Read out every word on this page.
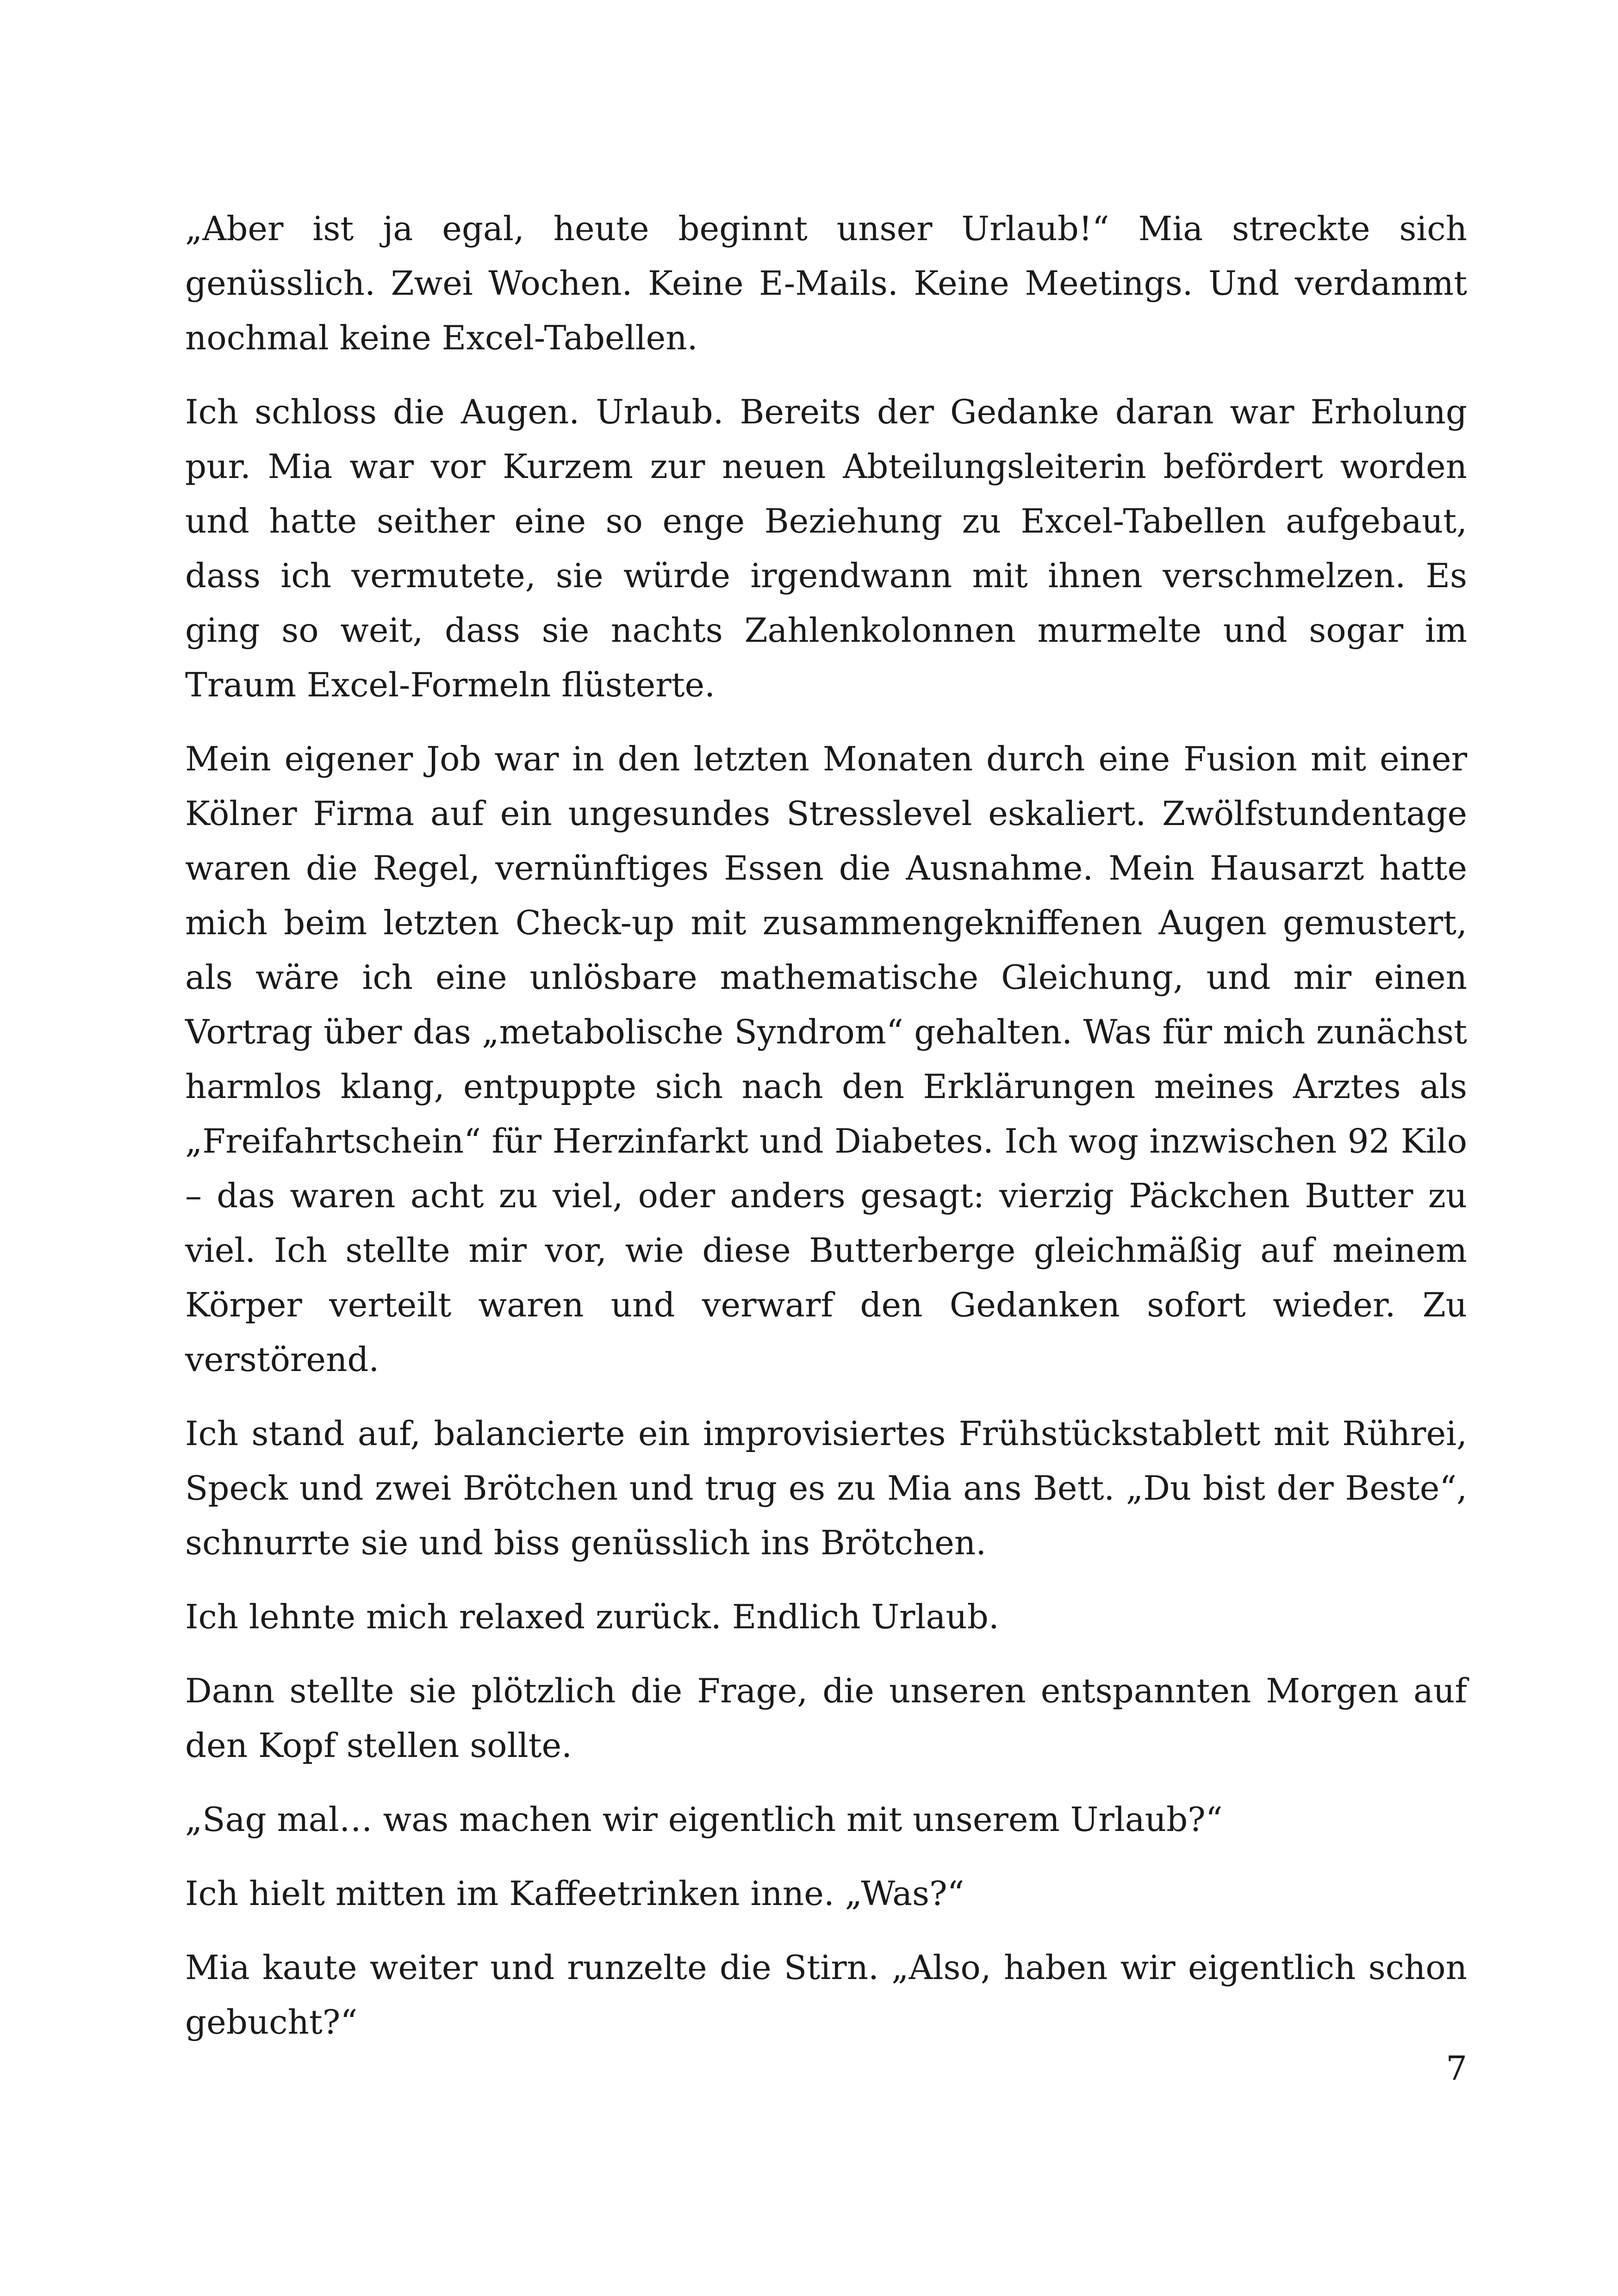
„Aber ist ja egal, heute beginnt unser Urlaub!“ Mia streckte sich genüsslich. Zwei Wochen. Keine E-Mails. Keine Meetings. Und verdammt nochmal keine Excel-Tabellen.

Ich schloss die Augen. Urlaub. Bereits der Gedanke daran war Erholung pur. Mia war vor Kurzem zur neuen Abteilungsleiterin befördert worden und hatte seither eine so enge Beziehung zu Excel-Tabellen aufgebaut, dass ich vermutete, sie würde irgendwann mit ihnen verschmelzen. Es ging so weit, dass sie nachts Zahlenkolonnen murmelte und sogar im Traum Excel-Formeln flüsterte.

Mein eigener Job war in den letzten Monaten durch eine Fusion mit einer Kölner Firma auf ein ungesundes Stresslevel eskaliert. Zwölfstundentage waren die Regel, vernünftiges Essen die Ausnahme. Mein Hausarzt hatte mich beim letzten Check-up mit zusammengekniffenen Augen gemustert, als wäre ich eine unlösbare mathematische Gleichung, und mir einen Vortrag über das „metabolische Syndrom“ gehalten. Was für mich zunächst harmlos klang, entpuppte sich nach den Erklärungen meines Arztes als „Freifahrtschein“ für Herzinfarkt und Diabetes. Ich wog inzwischen 92 Kilo – das waren acht zu viel, oder anders gesagt: vierzig Päckchen Butter zu viel. Ich stellte mir vor, wie diese Butterberge gleichmäßig auf meinem Körper verteilt waren und verwarf den Gedanken sofort wieder. Zu verstörend.

Ich stand auf, balancierte ein improvisiertes Frühstückstablett mit Rührei, Speck und zwei Brötchen und trug es zu Mia ans Bett. „Du bist der Beste“, schnurrte sie und biss genüsslich ins Brötchen.

Ich lehnte mich relaxed zurück. Endlich Urlaub.

Dann stellte sie plötzlich die Frage, die unseren entspannten Morgen auf den Kopf stellen sollte.

„Sag mal… was machen wir eigentlich mit unserem Urlaub?“

Ich hielt mitten im Kaffeetrinken inne. „Was?“

Mia kaute weiter und runzelte die Stirn. „Also, haben wir eigentlich schon gebucht?“

7
